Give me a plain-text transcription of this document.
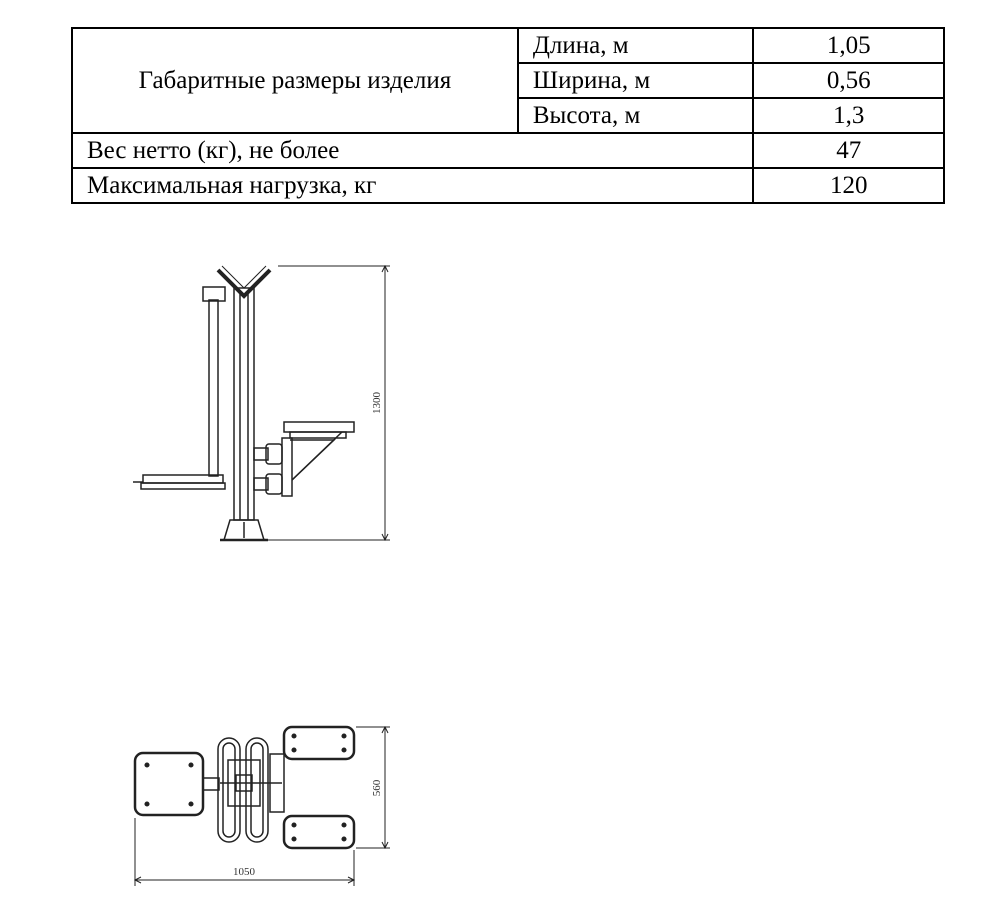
Габаритные размеры изделия	Длина, м	1,05
	Ширина, м	0,56
	Высота, м	1,3
Вес нетто (кг), не более		47
Максимальная нагрузка, кг		120
1300
560
1050
